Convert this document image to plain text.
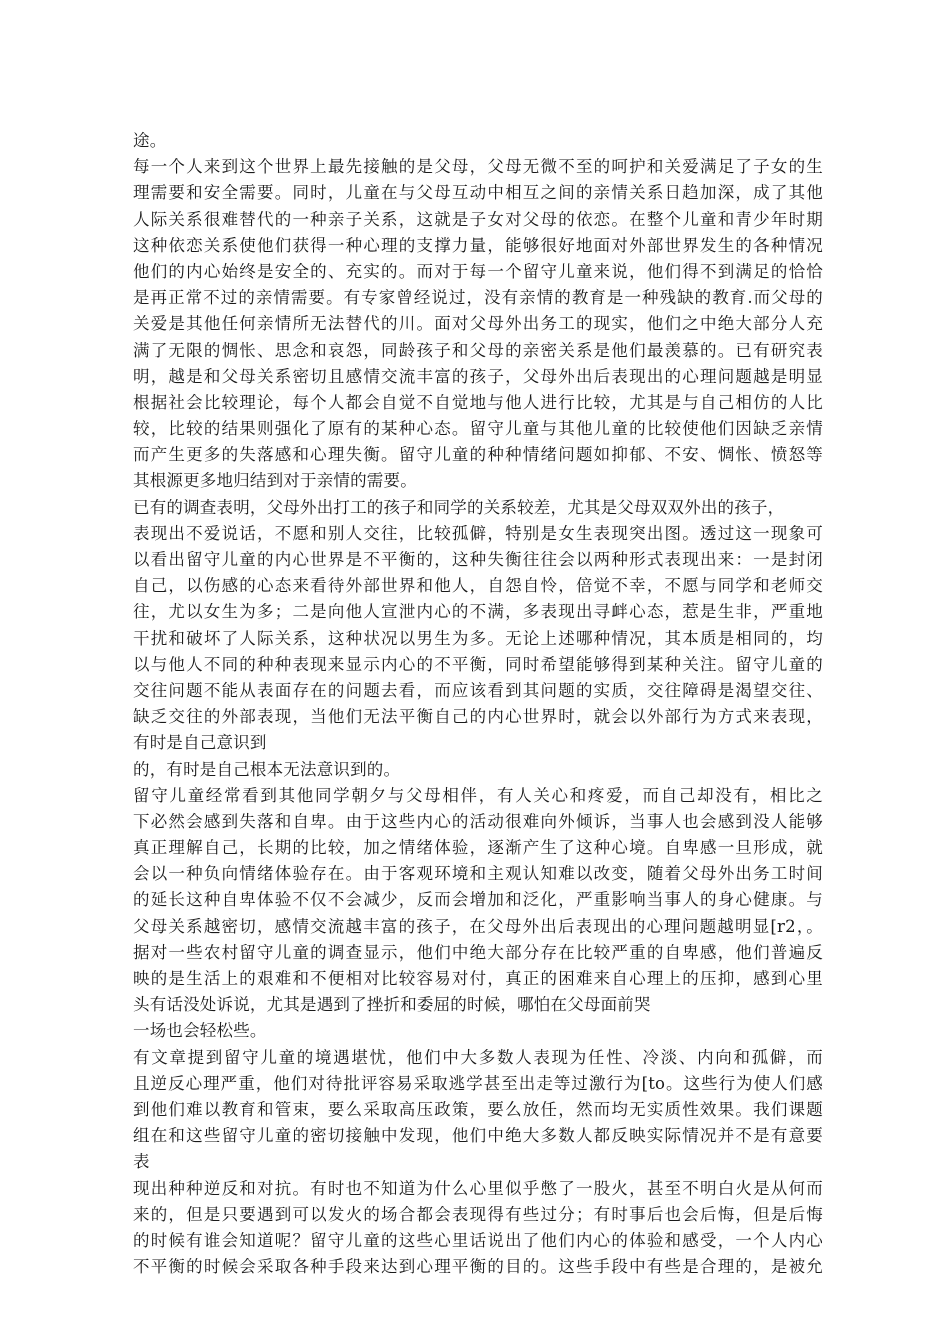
途。
每一个人来到这个世界上最先接触的是父母，父母无微不至的呵护和关爱满足了子女的生
理需要和安全需要。同时，儿童在与父母互动中相互之间的亲情关系日趋加深，成了其他
人际关系很难替代的一种亲子关系，这就是子女对父母的依恋。在整个儿童和青少年时期
这种依恋关系使他们获得一种心理的支撑力量，能够很好地面对外部世界发生的各种情况
他们的内心始终是安全的、充实的。而对于每一个留守儿童来说，他们得不到满足的恰恰
是再正常不过的亲情需要。有专家曾经说过，没有亲情的教育是一种残缺的教育.而父母的
关爱是其他任何亲情所无法替代的川。面对父母外出务工的现实，他们之中绝大部分人充
满了无限的惆怅、思念和哀怨，同龄孩子和父母的亲密关系是他们最羡慕的。已有研究表
明，越是和父母关系密切且感情交流丰富的孩子，父母外出后表现出的心理问题越是明显
根据社会比较理论，每个人都会自觉不自觉地与他人进行比较，尤其是与自己相仿的人比
较，比较的结果则强化了原有的某种心态。留守儿童与其他儿童的比较使他们因缺乏亲情
而产生更多的失落感和心理失衡。留守儿童的种种情绪问题如抑郁、不安、惆怅、愤怒等
其根源更多地归结到对于亲情的需要。
已有的调查表明，父母外出打工的孩子和同学的关系较差，尤其是父母双双外出的孩子，
表现出不爱说话，不愿和别人交往，比较孤僻，特别是女生表现突出图。透过这一现象可
以看出留守儿童的内心世界是不平衡的，这种失衡往往会以两种形式表现出来：一是封闭
自己，以伤感的心态来看待外部世界和他人，自怨自怜，倍觉不幸，不愿与同学和老师交
往，尤以女生为多；二是向他人宣泄内心的不满，多表现出寻衅心态，惹是生非，严重地
干扰和破坏了人际关系，这种状况以男生为多。无论上述哪种情况，其本质是相同的，均
以与他人不同的种种表现来显示内心的不平衡，同时希望能够得到某种关注。留守儿童的
交往问题不能从表面存在的问题去看，而应该看到其问题的实质，交往障碍是渴望交往、
缺乏交往的外部表现，当他们无法平衡自己的内心世界时，就会以外部行为方式来表现，
有时是自己意识到
的，有时是自己根本无法意识到的。
留守儿童经常看到其他同学朝夕与父母相伴，有人关心和疼爱，而自己却没有，相比之
下必然会感到失落和自卑。由于这些内心的活动很难向外倾诉，当事人也会感到没人能够
真正理解自己，长期的比较，加之情绪体验，逐渐产生了这种心境。自卑感一旦形成，就
会以一种负向情绪体验存在。由于客观环境和主观认知难以改变，随着父母外出务工时间
的延长这种自卑体验不仅不会减少，反而会增加和泛化，严重影响当事人的身心健康。与
父母关系越密切，感情交流越丰富的孩子，在父母外出后表现出的心理问题越明显[r2，。
据对一些农村留守儿童的调查显示，他们中绝大部分存在比较严重的自卑感，他们普遍反
映的是生活上的艰难和不便相对比较容易对付，真正的困难来自心理上的压抑，感到心里
头有话没处诉说，尤其是遇到了挫折和委屈的时候，哪怕在父母面前哭
一场也会轻松些。
有文章提到留守儿童的境遇堪忧，他们中大多数人表现为任性、冷淡、内向和孤僻，而
且逆反心理严重，他们对待批评容易采取逃学甚至出走等过激行为[to。这些行为使人们感
到他们难以教育和管束，要么采取高压政策，要么放任，然而均无实质性效果。我们课题
组在和这些留守儿童的密切接触中发现，他们中绝大多数人都反映实际情况并不是有意要
表
现出种种逆反和对抗。有时也不知道为什么心里似乎憋了一股火，甚至不明白火是从何而
来的，但是只要遇到可以发火的场合都会表现得有些过分；有时事后也会后悔，但是后悔
的时候有谁会知道呢？留守儿童的这些心里话说出了他们内心的体验和感受，一个人内心
不平衡的时候会采取各种手段来达到心理平衡的目的。这些手段中有些是合理的，是被允
